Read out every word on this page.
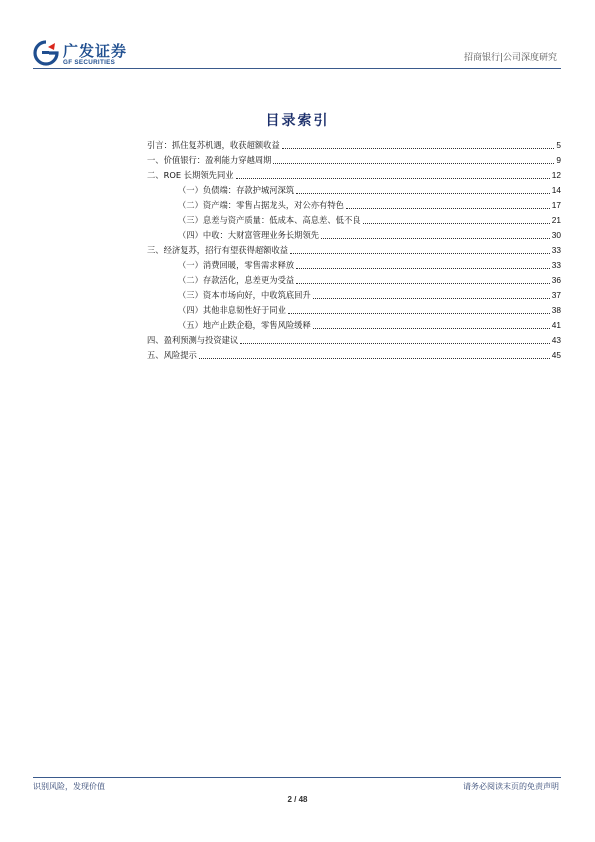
广发证券
GF SECURITIES	招商银行|公司深度研究
目录索引
引言：抓住复苏机遇，收获超额收益	5
一、价值银行：盈利能力穿越周期	9
二、ROE 长期领先同业	12
（一）负债端：存款护城河深筑	14
（二）资产端：零售占据龙头，对公亦有特色	17
（三）息差与资产质量：低成本、高息差、低不良	21
（四）中收：大财富管理业务长期领先	30
三、经济复苏，招行有望获得超额收益	33
（一）消费回暖，零售需求释放	33
（二）存款活化，息差更为受益	36
（三）资本市场向好，中收筑底回升	37
（四）其他非息韧性好于同业	38
（五）地产止跌企稳，零售风险缓释	41
四、盈利预测与投资建议	43
五、风险提示	45
识别风险，发现价值	请务必阅读末页的免责声明
2 / 48
